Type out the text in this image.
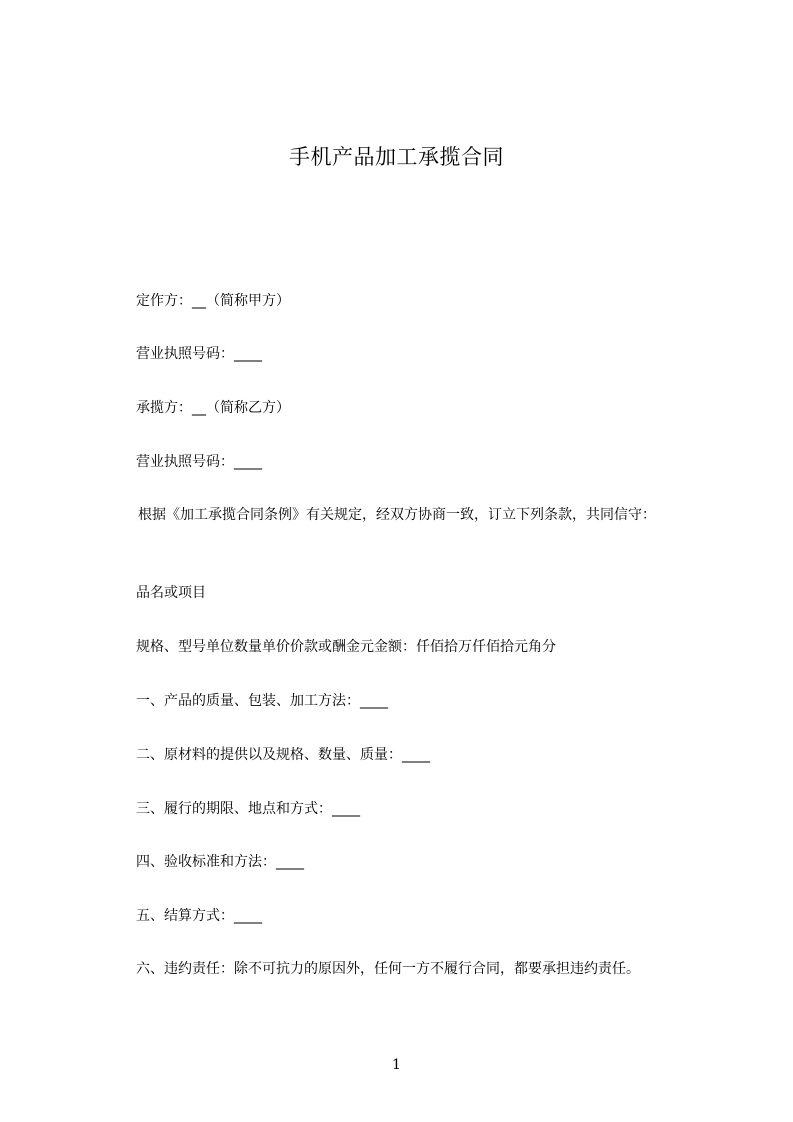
手机产品加工承揽合同
定作方：__（简称甲方）
营业执照号码：____
承揽方：__（简称乙方）
营业执照号码：____
根据《加工承揽合同条例》有关规定，经双方协商一致，订立下列条款，共同信守：
品名或项目
规格、型号单位数量单价价款或酬金元金额：仟佰拾万仟佰拾元角分
一、产品的质量、包装、加工方法：____
二、原材料的提供以及规格、数量、质量：____
三、履行的期限、地点和方式：____
四、验收标准和方法：____
五、结算方式：____
六、违约责任：除不可抗力的原因外，任何一方不履行合同，都要承担违约责任。
1
